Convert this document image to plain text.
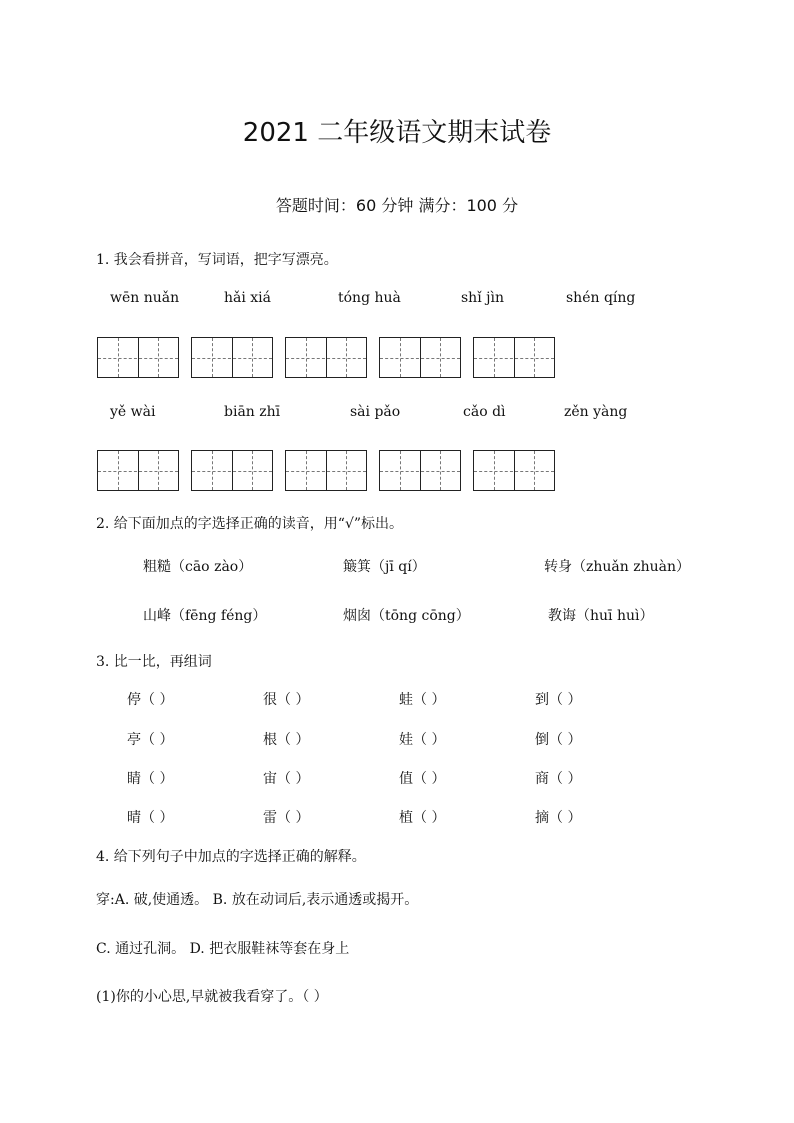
2021 二年级语文期末试卷
答题时间：60 分钟 满分：100 分
1. 我会看拼音，写词语，把字写漂亮。
wēn nuǎn	hǎi xiá	tóng huà	shǐ jìn	shén qíng
yě wài	biān zhī	sài pǎo	cǎo dì	zěn yàng
2. 给下面加点的字选择正确的读音，用“√”标出。
粗糙（cāo zào）	簸箕（jī qí）	转身（zhuǎn zhuàn）
山峰（fēng féng）	烟囱（tōng cōng）	教诲（huī huì）
3. 比一比，再组词
停（ ）	很（ ）	蛙（ ）	到（ ）
亭（ ）	根（ ）	娃（ ）	倒（ ）
睛（ ）	宙（ ）	值（ ）	商（ ）
晴（ ）	雷（ ）	植（ ）	摘（ ）
4. 给下列句子中加点的字选择正确的解释。
穿:A. 破,使通透。 B. 放在动词后,表示通透或揭开。
C. 通过孔洞。 D. 把衣服鞋袜等套在身上
(1)你的小心思,早就被我看穿了。（ ）
